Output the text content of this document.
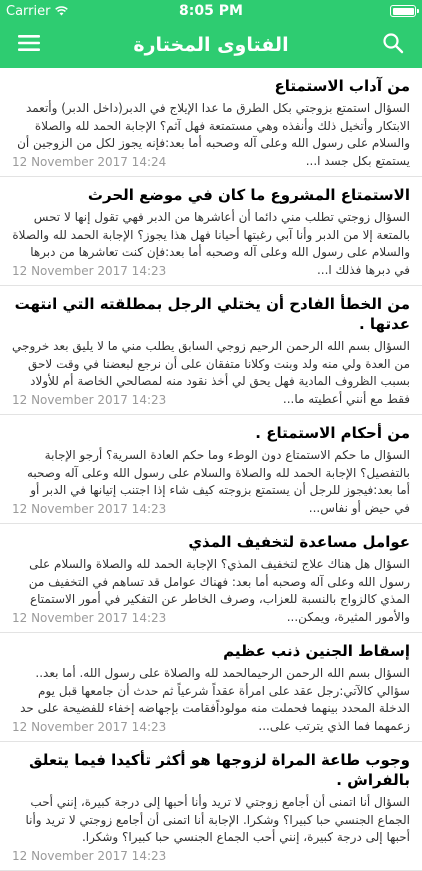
Carrier	8:05 PM
الفتاوى المختارة
من آداب الاستمتاع
السؤال استمتع بزوجتي بكل الطرق ما عدا الإيلاج في الدبر(داخل الدبر) وأتعمد الابتكار وأتخيل ذلك وأنفذه وهي مستمتعة فهل آثم؟ الإجابة الحمد لله والصلاة والسلام على رسول الله وعلى آله وصحبه أما بعد:فإنه يجوز لكل من الزوجين أن يستمتع بكل جسد ا...
12 November 2017 14:24
الاستمتاع المشروع ما كان في موضع الحرث
السؤال زوجتي تطلب مني دائما أن أعاشرها من الدبر فهي تقول إنها لا تحس بالمتعة إلا من الدبر وأنا آبي رغبتها أحيانا فهل هذا يجوز؟ الإجابة الحمد لله والصلاة والسلام على رسول الله وعلى آله وصحبه أما بعد:فإن كنت تعاشرها من دبرها في دبرها فذلك ا...
12 November 2017 14:23
من الخطأ الفادح أن يختلي الرجل بمطلقته التي انتهت عدتها .
السؤال بسم الله الرحمن الرحيم زوجي السابق يطلب مني ما لا يليق بعد خروجي من العدة ولي منه ولد وبنت وكلانا متفقان على أن نرجع لبعضنا في وقت لاحق بسبب الظروف المادية فهل يحق لي أخذ نقود منه لمصالحي الخاصة أم للأولاد فقط مع أنني أعطيته ما...
12 November 2017 14:23
من أحكام الاستمتاع .
السؤال ما حكم الاستمتاع دون الوطء وما حكم العادة السرية؟ أرجو الإجابة بالتفصيل؟ الإجابة الحمد لله والصلاة والسلام على رسول الله وعلى آله وصحبه أما بعد:فيجوز للرجل أن يستمتع بزوجته كيف شاء إذا اجتنب إتيانها في الدبر أو في حيض أو نفاس...
12 November 2017 14:23
عوامل مساعدة لتخفيف المذي
السؤال هل هناك علاج لتخفيف المذي؟ الإجابة الحمد لله والصلاة والسلام على رسول الله وعلى آله وصحبه أما بعد: فهناك عوامل قد تساهم في التخفيف من المذي كالزواج بالنسبة للعزاب، وصرف الخاطر عن التفكير في أمور الاستمتاع والأمور المثيرة، ويمكن...
12 November 2017 14:23
إسقاط الجنين ذنب عظيم
السؤال بسم الله الرحمن الرحيمالحمد لله والصلاة على رسول الله. أما بعد.. سؤالي كالآتي:رجل عقد على امرأة عقداً شرعياً ثم حدث أن جامعها قبل يوم الدخلة المحدد بينهما فحملت منه مولوداًفقامت بإجهاضه إخفاء للفضيحة على حد زعمهما فما الذي يترتب على...
12 November 2017 14:23
وجوب طاعة المراة لزوجها هو أكثر تأكيدا فيما يتعلق بالفراش .
السؤال أنا اتمنى أن أجامع زوجتي لا تريد وأنا أحبها إلى درجة كبيرة، إنني أحب الجماع الجنسي حبا كبيرا؟ وشكرا. الإجابة أنا اتمنى أن أجامع زوجتي لا تريد وأنا أحبها إلى درجة كبيرة، إنني أحب الجماع الجنسي حبا كبيرا؟ وشكرا.
12 November 2017 14:23
